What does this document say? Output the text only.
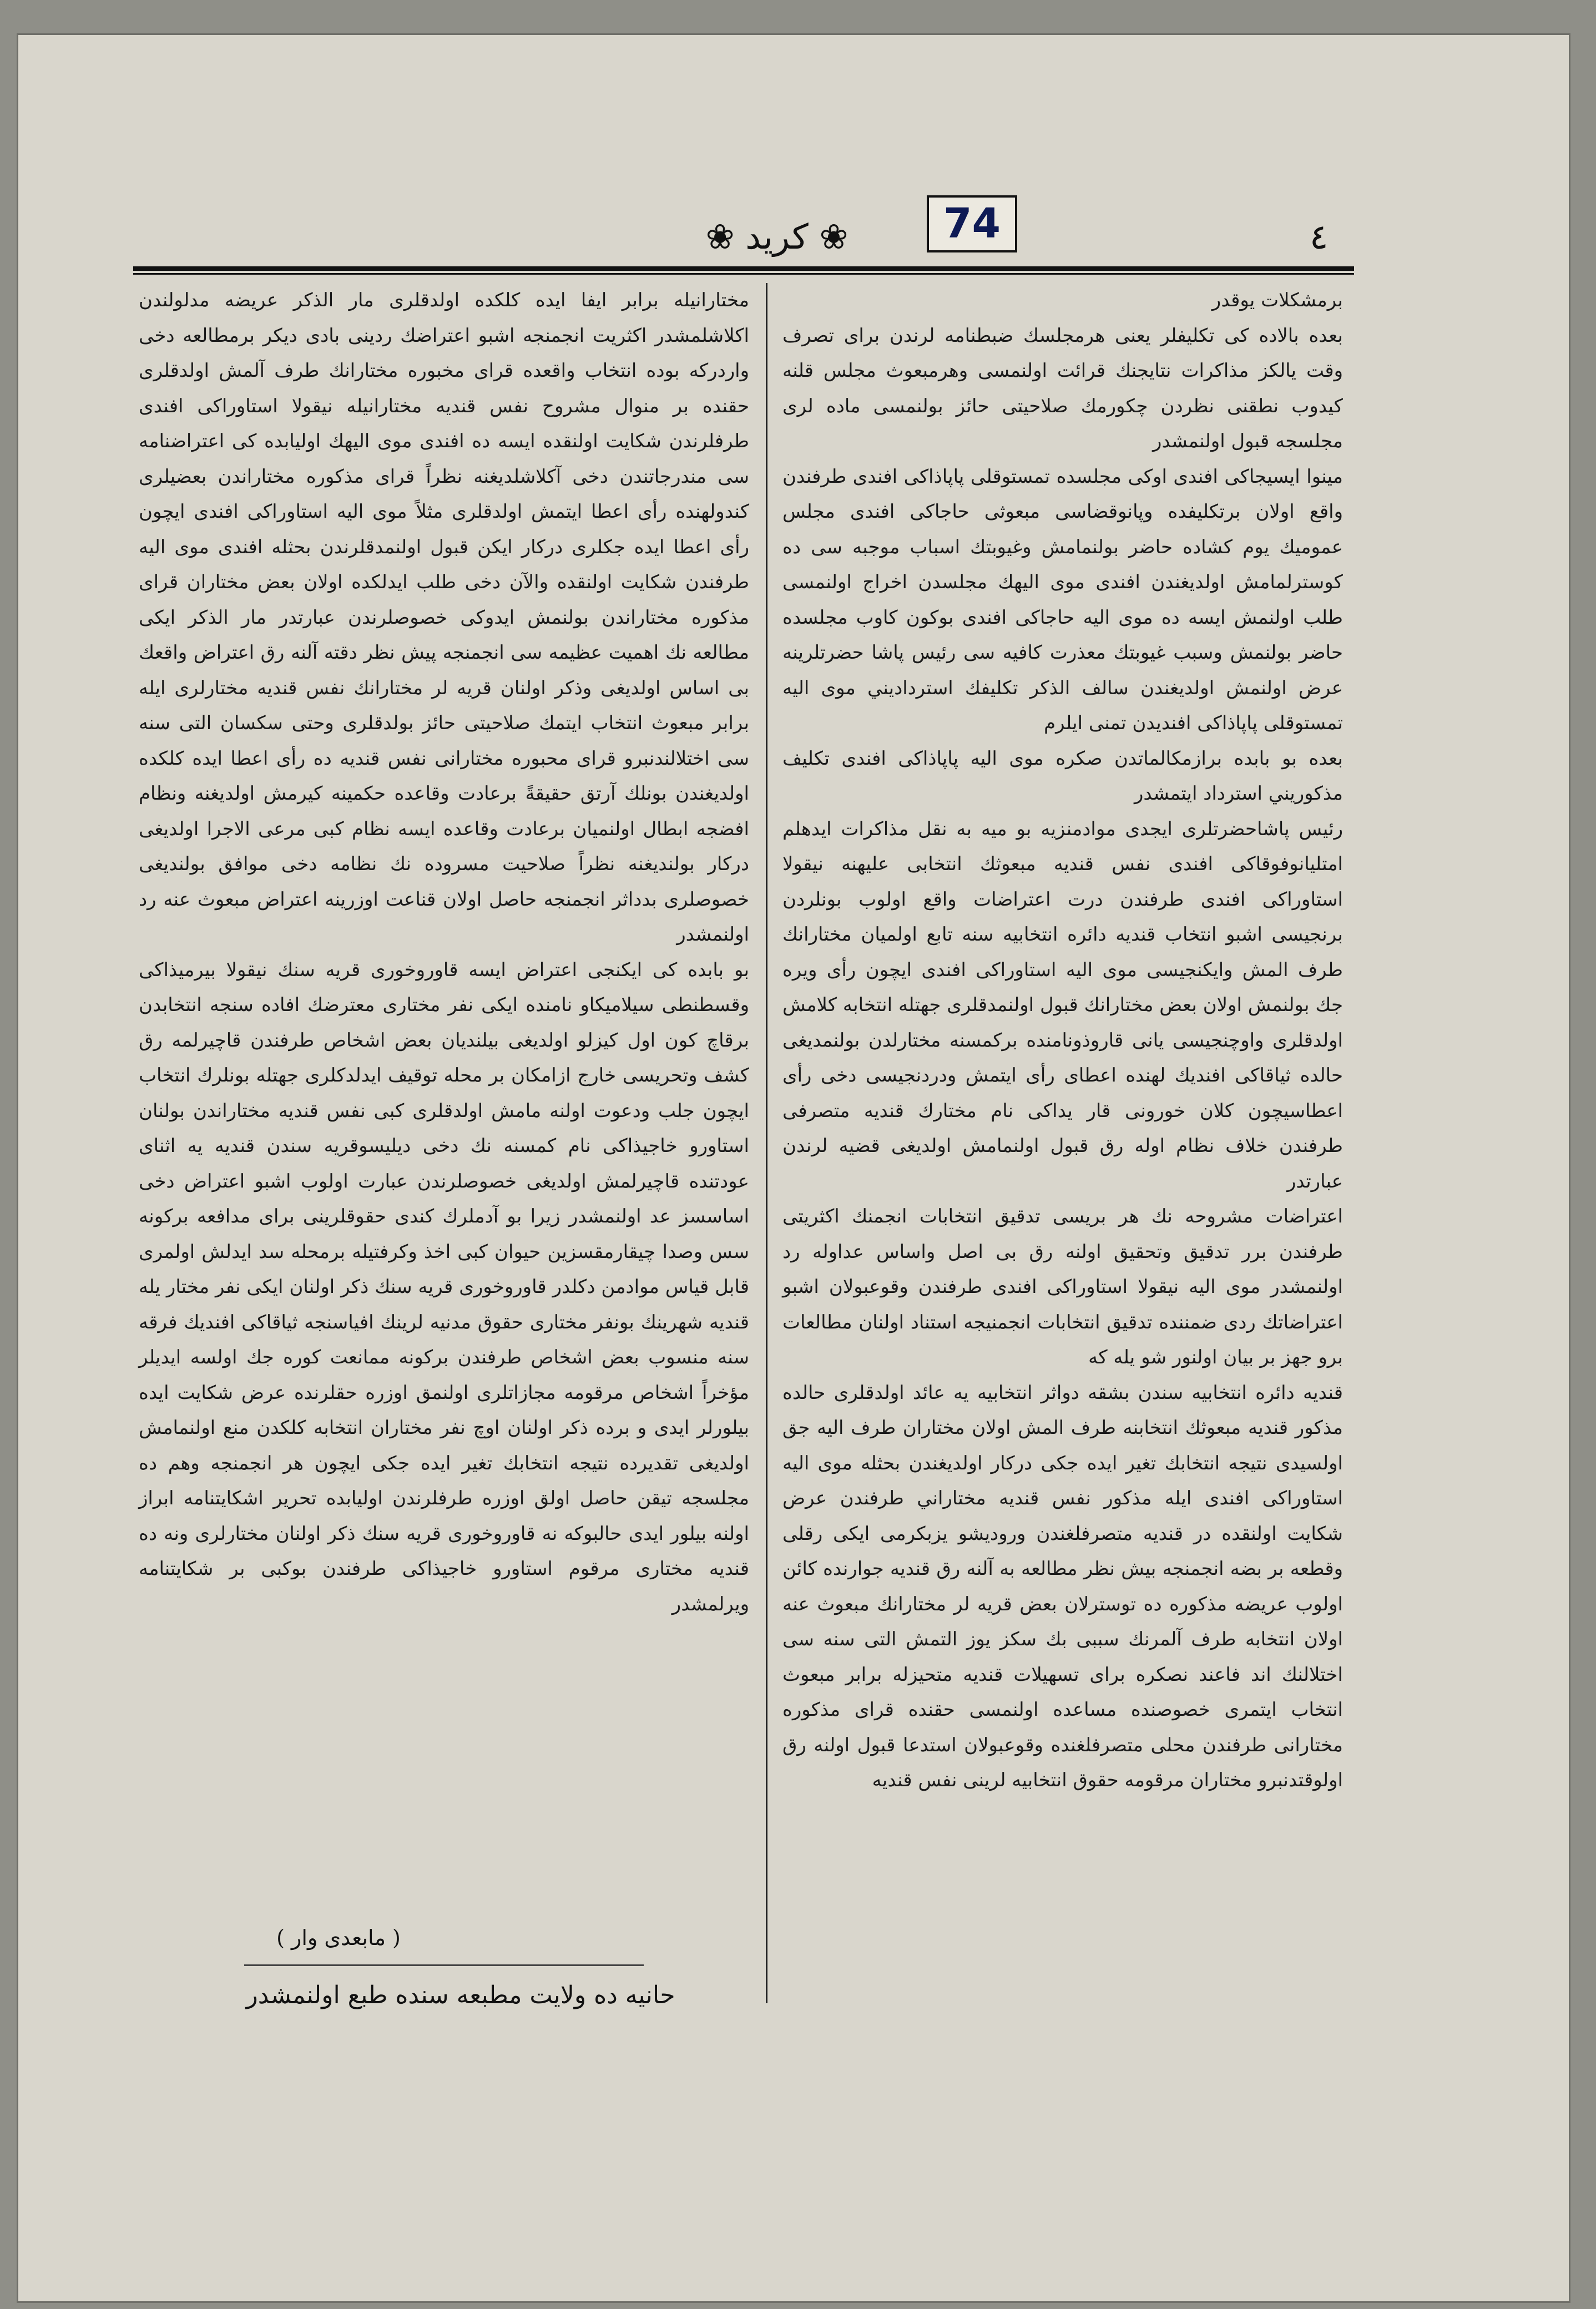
74
❀ كريد ❀	٤

برمشكلات يوقدر

بعده بالاده كى تكليفلر يعنى هرمجلسك ضبطنامه لرندن براى تصرف وقت يالكز مذاكرات نتايجنك قرائت اولنمسى وهرمبعوث مجلس قلنه كيدوب نطقنى نظردن چكورمك صلاحيتى حائز بولنمسى ماده لرى مجلسجه قبول اولنمشدر

مينوا ايسيجاكى افندى اوكى مجلسده تمستوقلى پاپاذاكى افندى طرفندن واقع اولان برتكليفده وپانوقضاسى مبعوثى حاجاكى افندى مجلس عموميك يوم كشاده حاضر بولنمامش وغيوبتك اسباب موجبه سى ده كوسترلمامش اولديغندن افندى موى اليهك مجلسدن اخراج اولنمسى طلب اولنمش ايسه ده موى اليه حاجاكى افندى بوكون كاوب مجلسده حاضر بولنمش وسبب غيوبتك معذرت كافيه سى رئيس پاشا حضرتلرينه عرض اولنمش اولديغندن سالف الذكر تكليفك استرداديني موى اليه تمستوقلى پاپاذاكى افنديدن تمنى ايلرم

بعده بو بابده برازمكالماتدن صكره موى اليه پاپاذاكى افندى تكليف مذكوريني استرداد ايتمشدر

رئيس پاشاحضرتلرى ايجدى موادمنزيه بو ميه به نقل مذاكرات ايدهلم امتليانوفوقاكى افندى نفس قنديه مبعوثك انتخابى عليهنه نيقولا استاوراكى افندى طرفندن درت اعتراضات واقع اولوب بونلردن برنجيسى اشبو انتخاب قنديه دائره انتخابيه سنه تابع اولميان مختارانك طرف المش وايكنجيسى موى اليه استاوراكى افندى ايچون رأى ويره جك بولنمش اولان بعض مختارانك قبول اولنمدقلرى جهتله انتخابه كلامش اولدقلرى واوچنجيسى يانى قاروذونامنده بركمسنه مختارلدن بولنمديغى حالده ثياقاكى افنديك لهنده اعطاى رأى ايتمش ودردنجيسى دخى رأى اعطاسيچون كلان خورونى قار يداكى نام مختارك قنديه متصرفى طرفندن خلاف نظام اوله رق قبول اولنمامش اولديغى قضيه لرندن عبارتدر

اعتراضات مشروحه نك هر بريسى تدقيق انتخابات انجمنك اكثريتى طرفندن برر تدقيق وتحقيق اولنه رق بى اصل واساس عداوله رد اولنمشدر موى اليه نيقولا استاوراكى افندى طرفندن وقوعبولان اشبو اعتراضاتك ردى ضمننده تدقيق انتخابات انجمنيجه استناد اولنان مطالعات برو جهز بر بيان اولنور شو يله كه

قنديه دائره انتخابيه سندن بشقه دواثر انتخابيه يه عائد اولدقلرى حالده مذكور قنديه مبعوثك انتخابنه طرف المش اولان مختاران طرف اليه جق اولسيدى نتيجه انتخابك تغير ايده جكى دركار اولديغندن بحثله موى اليه استاوراكى افندى ايله مذكور نفس قنديه مختاراني طرفندن عرض شكايت اولنقده در قنديه متصرفلغندن وروديشو يزبكرمى ايكى رقلى وقطعه بر بضه انجمنجه بيش نظر مطالعه به آلنه رق قنديه جوارنده كائن اولوب عريضه مذكوره ده توسترلان بعض قريه لر مختارانك مبعوث عنه اولان انتخابه طرف آلمرنك سببى بك سكز يوز التمش التى سنه سى اختلالنك اند فاعند نصكره براى تسهيلات قنديه متحيزله برابر مبعوث انتخاب ايتمرى خصوصنده مساعده اولنمسى حقنده قراى مذكوره مختارانى طرفندن محلى متصرفلغنده وقوعبولان استدعا قبول اولنه رق اولوقتدنبرو مختاران مرقومه حقوق انتخابيه لرينى نفس قنديه

مختارانيله برابر ايفا ايده كلكده اولدقلرى مار الذكر عريضه مدلولندن اكلاشلمشدر اكثريت انجمنجه اشبو اعتراضك ردينى بادى ديكر برمطالعه دخى واردركه بوده انتخاب واقعده قراى مخبوره مختارانك طرف آلمش اولدقلرى حقنده بر منوال مشروح نفس قنديه مختارانيله نيقولا استاوراكى افندى طرفلرندن شكايت اولنقده ايسه ده افندى موى اليهك اوليابده كى اعتراضنامه سى مندرجاتندن دخى آكلاشلديغنه نظراً قراى مذكوره مختاراندن بعضيلرى كندولهنده رأى اعطا ايتمش اولدقلرى مثلاً موى اليه استاوراكى افندى ايچون رأى اعطا ايده جكلرى دركار ايكن قبول اولنمدقلرندن بحثله افندى موى اليه طرفندن شكايت اولنقده والآن دخى طلب ايدلكده اولان بعض مختاران قراى مذكوره مختاراندن بولنمش ايدوكى خصوصلرندن عبارتدر مار الذكر ايكى مطالعه نك اهميت عظيمه سى انجمنجه پيش نظر دقته آلنه رق اعتراض واقعك بى اساس اولديغى وذكر اولنان قريه لر مختارانك نفس قنديه مختارلرى ايله برابر مبعوث انتخاب ايتمك صلاحيتى حائز بولدقلرى وحتى سكسان التى سنه سى اختلالندنبرو قراى محبوره مختارانى نفس قنديه ده رأى اعطا ايده كلكده اولديغندن بونلك آرتق حقيقةً برعادت وقاعده حكمينه كيرمش اولديغنه ونظام افضجه ابطال اولنميان برعادت وقاعده ايسه نظام كبى مرعى الاجرا اولديغى دركار بولنديغنه نظراً صلاحيت مسروده نك نظامه دخى موافق بولنديغى خصوصلرى بدداثر انجمنجه حاصل اولان قناعت اوزرينه اعتراض مبعوث عنه رد اولنمشدر

بو بابده كى ايكنجى اعتراض ايسه قاوروخورى قريه سنك نيقولا بيرميذاكى وقسطنطى سيلاميكاو نامنده ايكى نفر مختارى معترضك افاده سنجه انتخابدن برقاچ كون اول كيزلو اولديغى بيلنديان بعض اشخاص طرفندن قاچيرلمه رق كشف وتحريسى خارج ازامكان بر محله توقيف ايدلدكلرى جهتله بونلرك انتخاب ايچون جلب ودعوت اولنه مامش اولدقلرى كبى نفس قنديه مختاراندن بولنان استاورو خاجيذاكى نام كمسنه نك دخى ديليسوقريه سندن قنديه يه اثناى عودتنده قاچيرلمش اولديغى خصوصلرندن عبارت اولوب اشبو اعتراض دخى اساسسز عد اولنمشدر زيرا بو آدملرك كندى حقوقلرينى براى مدافعه بركونه سس وصدا چيقارمقسزين حيوان كبى اخذ وكرفتيله برمحله سد ايدلش اولمرى قابل قياس موادمن دكلدر قاوروخورى قريه سنك ذكر اولنان ايكى نفر مختار يله قنديه شهرينك بونفر مختارى حقوق مدنيه لرينك افياسنجه ثياقاكى افنديك فرقه سنه منسوب بعض اشخاص طرفندن بركونه ممانعت كوره جك اولسه ايديلر مؤخراً اشخاص مرقومه مجازاتلرى اولنمق اوزره حقلرنده عرض شكايت ايده بيلورلر ايدى و برده ذكر اولنان اوچ نفر مختاران انتخابه كلكدن منع اولنمامش اولديغى تقديرده نتيجه انتخابك تغير ايده جكى ايچون هر انجمنجه وهم ده مجلسجه تيقن حاصل اولق اوزره طرفلرندن اوليابده تحرير اشكايتنامه ابراز اولنه بيلور ايدى حالبوكه نه قاوروخورى قريه سنك ذكر اولنان مختارلرى ونه ده قنديه مختارى مرقوم استاورو خاجيذاكى طرفندن بوكبى بر شكايتنامه ويرلمشدر

( مابعدى وار )
حانيه ده ولايت مطبعه سنده طبع اولنمشدر
